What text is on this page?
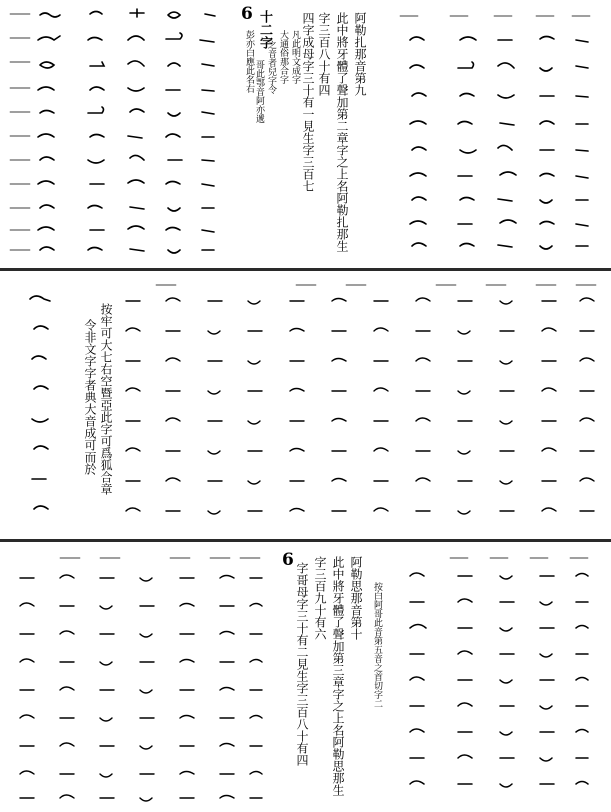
6 十二字
彭亦白應此名右 哥此鄂音阿亦遞 之音者兒字令 大通俗那合字 凡此明文成字 四字成母字三十有一見生字三百七 字三百八十有四 此中將牙體了聲加第二章字之上名阿勒扎那生 阿勒扎那音第九
令非文字字者典大音成可而於 按牢可大七右空暨亞此字可爲狐合章
6
字哥母字三十有二見生字三百八十有四 字三百九十有六 此中將牙體了聲加第三章字之上名阿勒思那生 阿勒思那音第十 按白阿哥此音第五音之首切字二
